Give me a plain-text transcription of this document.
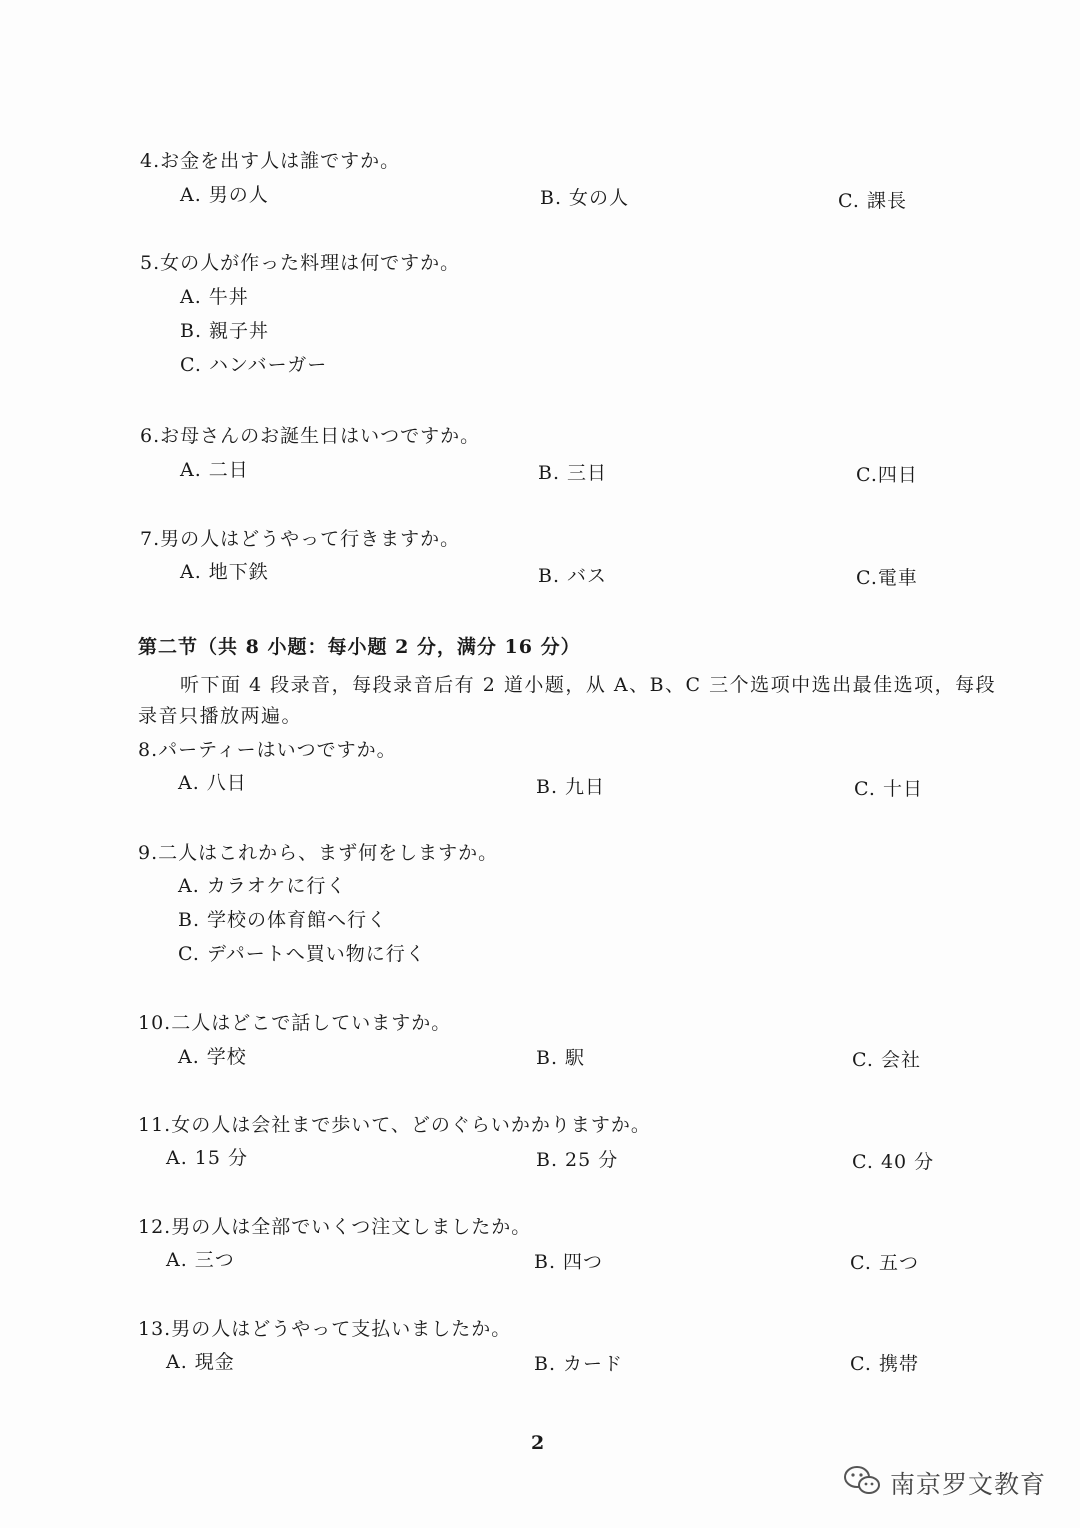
4.お金を出す人は誰ですか。
A. 男の人	B. 女の人	C. 課長
5.女の人が作った料理は何ですか。
A. 牛丼
B. 親子丼
C. ハンバーガー
6.お母さんのお誕生日はいつですか。
A. 二日	B. 三日	C.四日
7.男の人はどうやって行きますか。
A. 地下鉄	B. バス	C.電車
第二节（共 8 小题：每小题 2 分，满分 16 分）
听下面 4 段录音，每段录音后有 2 道小题，从 A、B、C 三个选项中选出最佳选项，每段
录音只播放两遍。
8.パーティーはいつですか。
A. 八日	B. 九日	C. 十日
9.二人はこれから、まず何をしますか。
A. カラオケに行く
B. 学校の体育館へ行く
C. デパートへ買い物に行く
10.二人はどこで話していますか。
A. 学校	B. 駅	C. 会社
11.女の人は会社まで歩いて、どのぐらいかかりますか。
A. 15 分	B. 25 分	C. 40 分
12.男の人は全部でいくつ注文しましたか。
A. 三つ	B. 四つ	C. 五つ
13.男の人はどうやって支払いましたか。
A. 現金	B. カード	C. 携帯
2
南京罗文教育
